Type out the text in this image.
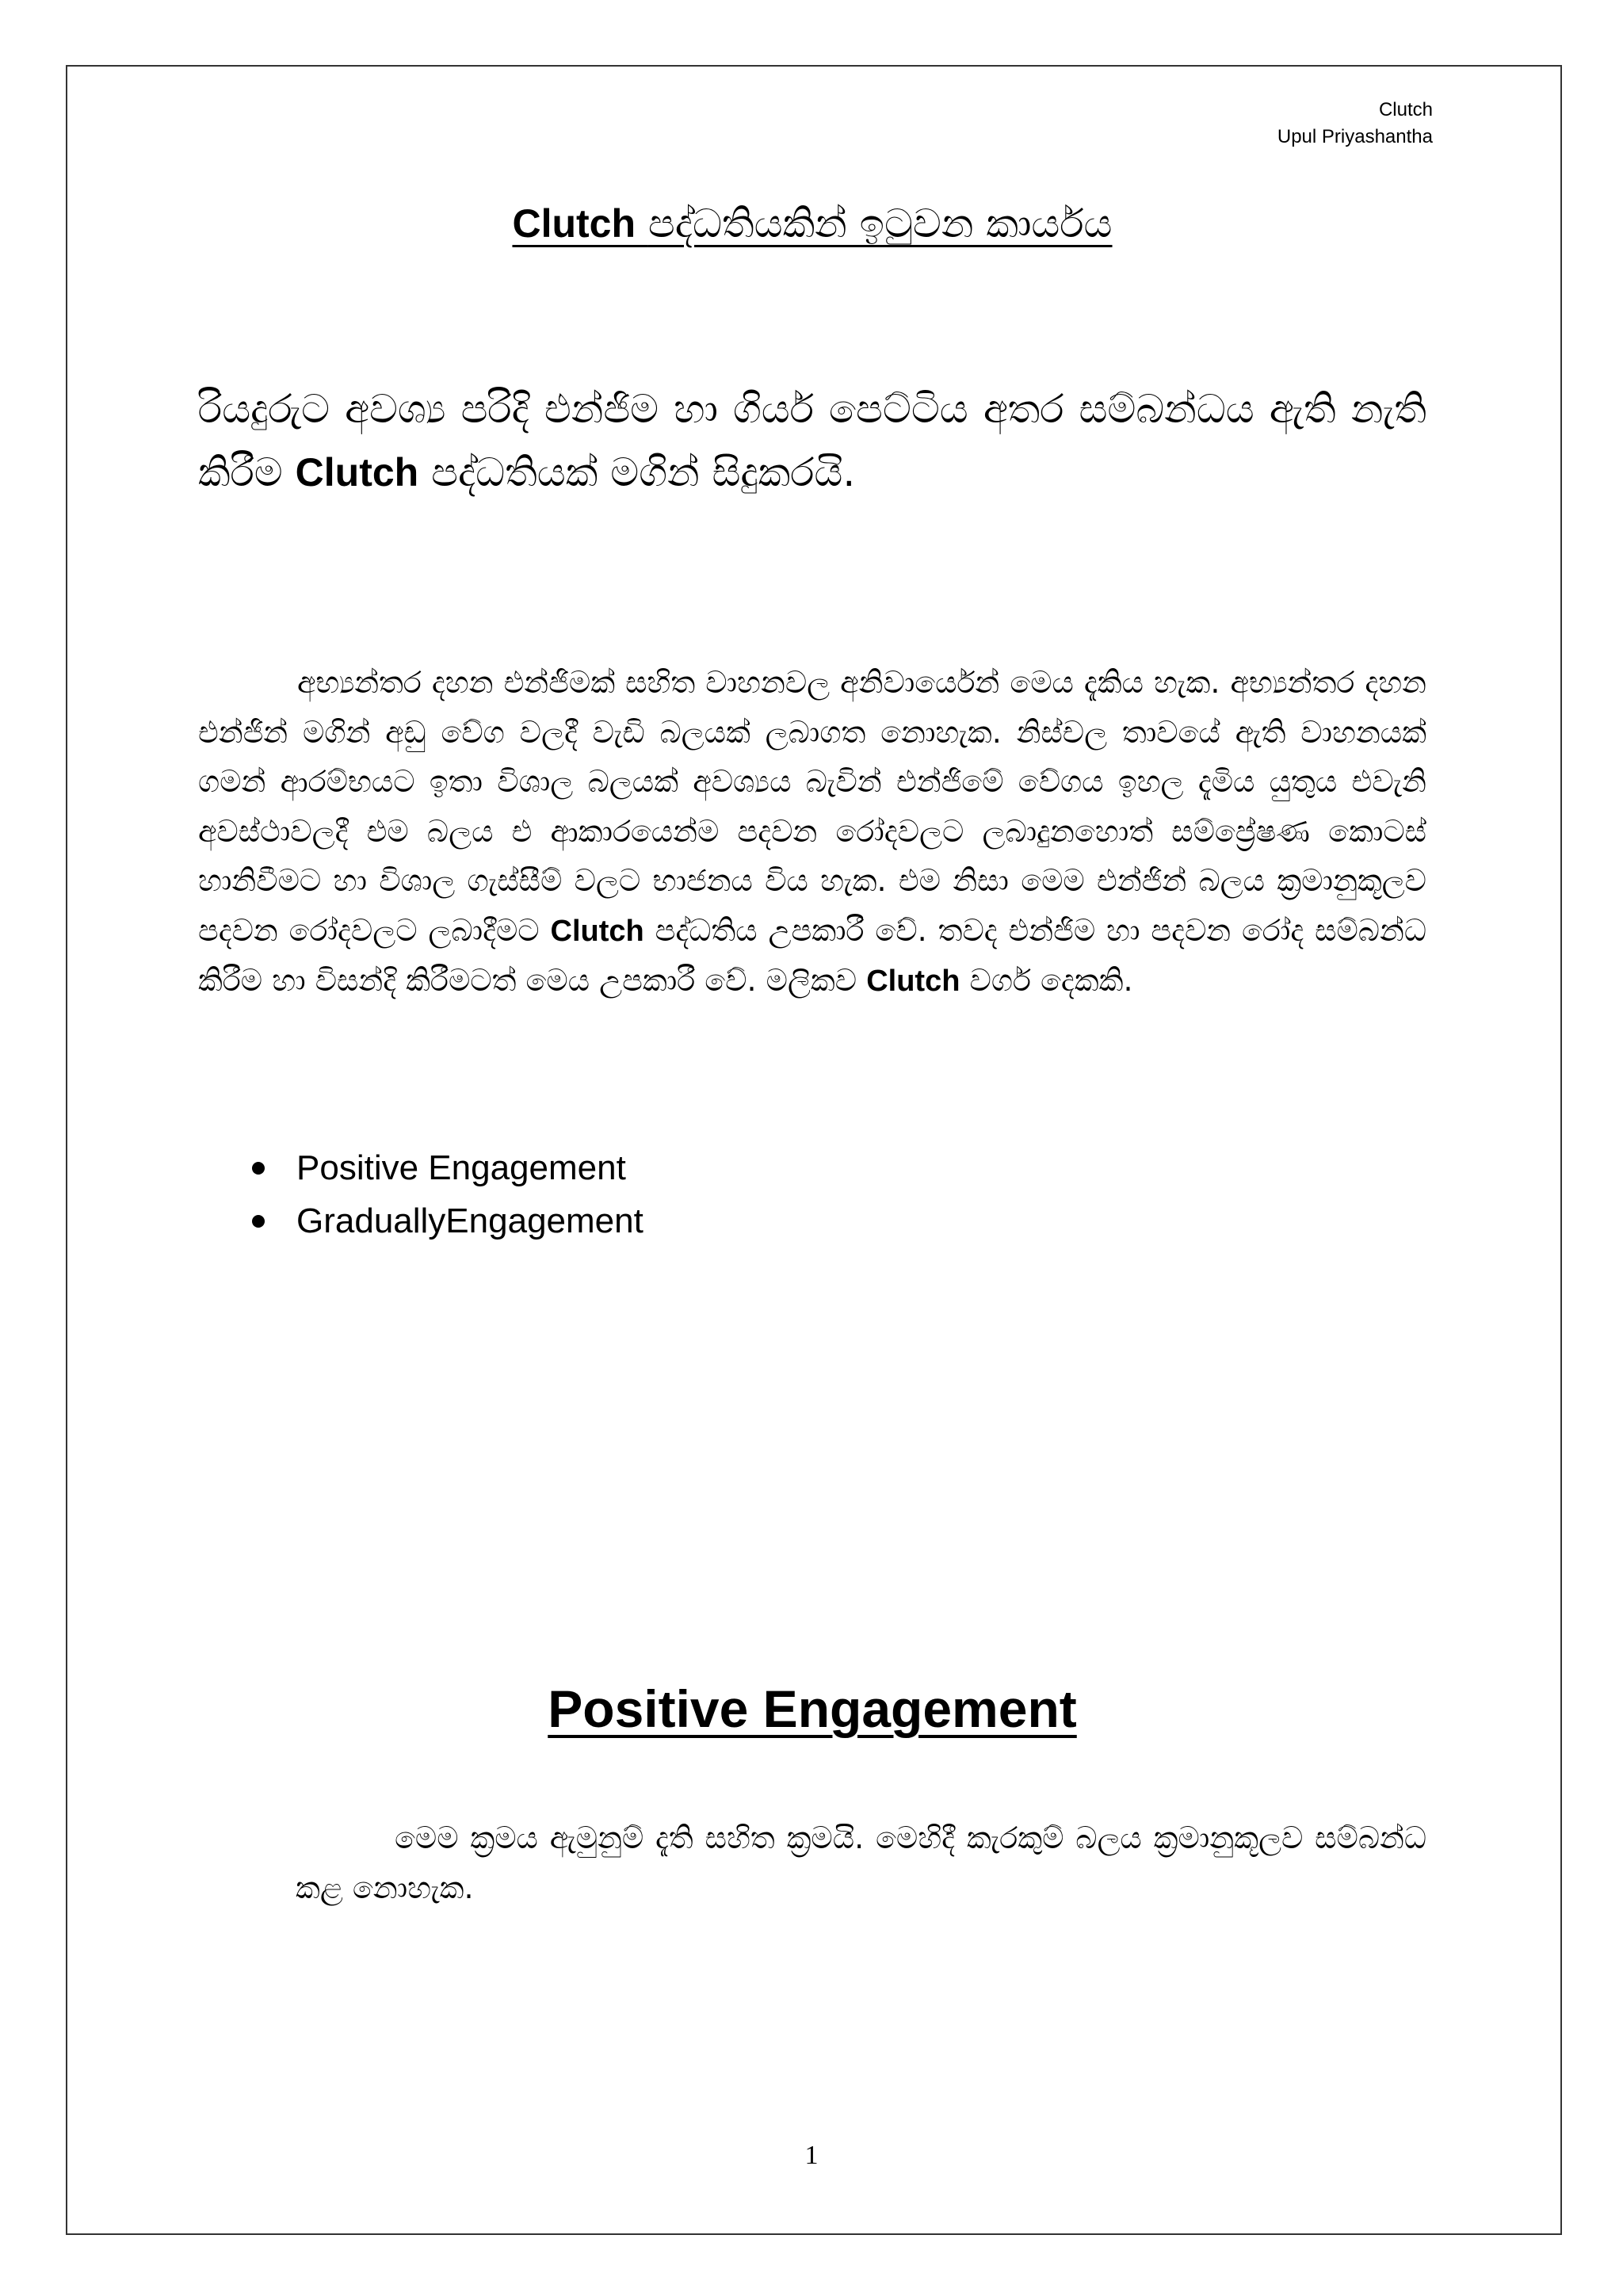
Clutch
Upul Priyashantha
Clutch පද්ධතියකින් ඉටුවන කාර්යය

රියදුරුට අවශ්‍ය පරිදි එන්ජිම හා ගියර් පෙට්ටිය අතර සම්බන්ධය ඇති නැති කිරීම Clutch පද්ධතියක් මගින් සිදුකරයි.

අභ්‍යන්තර දහන එන්ජිමක් සහිත වාහනවල අනිවාර්යෙන් මෙය දැකිය හැක. අභ්‍යන්තර දහන එන්ජින් මගින් අඩු වේග වලදී වැඩි බලයක් ලබාගත නොහැක. නිස්චල තාවයේ ඇති වාහනයක් ගමන් ආරම්භයට ඉතා විශාල බලයක් අවශ්‍යය බැවින් එන්ජිමේ වේගය ඉහල දැමිය යුතුය එවැනි අවස්ථාවලදී එම බලය එ ආකාරයෙන්ම පදවන රෝදවලට ලබාදුනහොත් සම්ප්‍රේෂණ කොටස් හානිවීමට හා විශාල ගැස්සීම් වලට භාජනය විය හැක. එම නිසා මෙම එන්ජින් බලය ක්‍රමානුකූලව පදවන රෝදවලට ලබාදීමට Clutch පද්ධතිය උපකාරී වේ. තවද එන්ජිම හා පදවන රෝද සම්බන්ධ කිරීම හා විසන්දි කිරීමටත් මෙය උපකාරී වේ. මලිකව Clutch වර්ග දෙකකි.

Positive Engagement
GraduallyEngagement
Positive Engagement

මෙම ක්‍රමය ඇමුනුම් දැති සහිත ක්‍රමයි. මෙහිදී කැරකුම් බලය ක්‍රමානුකූලව සම්බන්ධ කළ නොහැක.

1
